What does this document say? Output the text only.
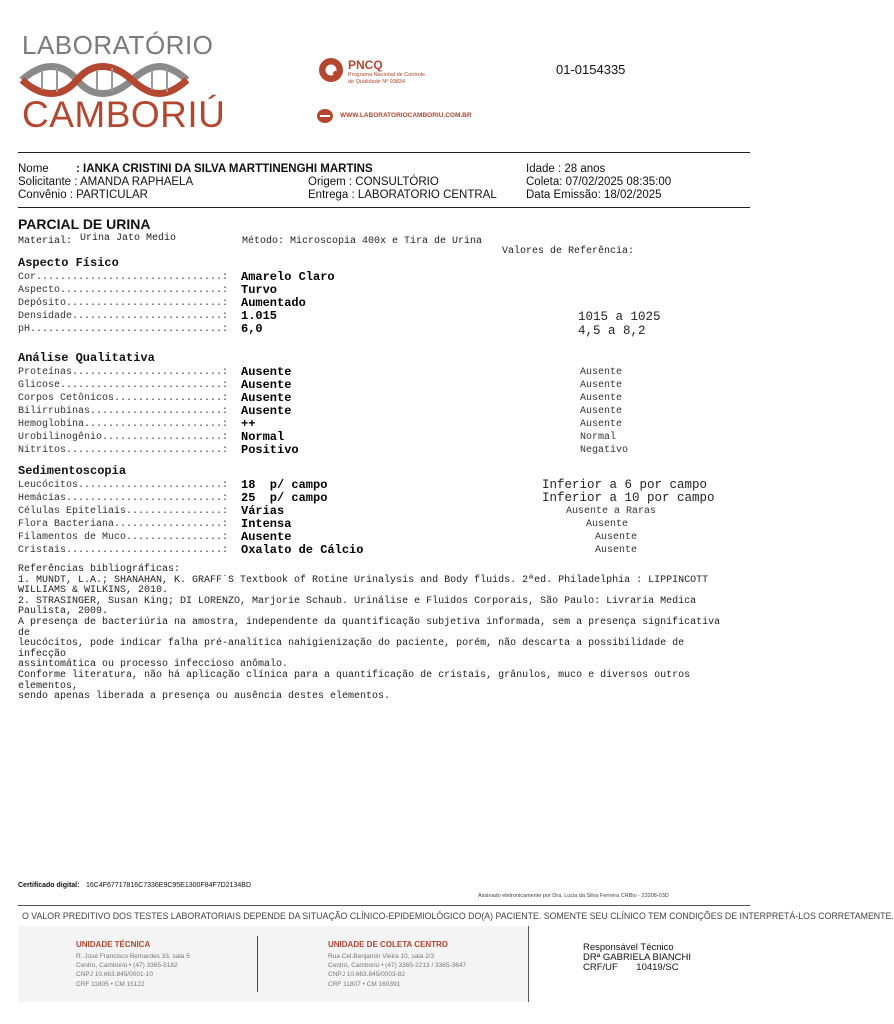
LABORATÓRIO
CAMBORIÚ
PNCQ
Programa Nacional de Controle de Qualidade Nº 03834
WWW.LABORATORIOCAMBORIU.COM.BR
01-0154335
Nome : IANKA CRISTINI DA SILVA MARTTINENGHI MARTINS	Idade : 28 anos
Solicitante : AMANDA RAPHAELA	Origem : CONSULTÓRIO	Coleta: 07/02/2025 08:35:00
Convênio : PARTICULAR	Entrega : LABORATORIO CENTRAL	Data Emissão: 18/02/2025
PARCIAL DE URINA
Material: Urina Jato Medio	Método: Microscopia 400x e Tira de Urina
Valores de Referência:
Aspecto Físico
Cor...............................: Amarelo Claro
Aspecto...........................: Turvo
Depósito..........................: Aumentado
Densidade.........................: 1.015	1015 a 1025
pH................................: 6,0	4,5 a 8,2
Análise Qualitativa
Proteínas.........................: Ausente	Ausente
Glicose...........................: Ausente	Ausente
Corpos Cetônicos..................: Ausente	Ausente
Bilirrubinas......................: Ausente	Ausente
Hemoglobina.......................: ++	Ausente
Urobilinogênio....................: Normal	Normal
Nitritos..........................: Positivo	Negativo
Sedimentoscopia
Leucócitos........................: 18  p/ campo	Inferior a 6 por campo
Hemácias..........................: 25  p/ campo	Inferior a 10 por campo
Células Epiteliais................: Várias	Ausente a Raras
Flora Bacteriana..................: Intensa	Ausente
Filamentos de Muco................: Ausente	Ausente
Cristais..........................: Oxalato de Cálcio	Ausente
Referências bibliográficas:
1. MUNDT, L.A.; SHANAHAN, K. GRAFF´S Textbook of Rotine Urinalysis and Body fluids. 2ªed. Philadelphia : LIPPINCOTT
WILLIAMS & WILKINS, 2010.
2. STRASINGER, Susan King; DI LORENZO, Marjorie Schaub. Urinálise e Fluidos Corporais, São Paulo: Livraria Medica
Paulista, 2009.
A presença de bacteriúria na amostra, independente da quantificação subjetiva informada, sem a presença significativa
de
leucócitos, pode indicar falha pré-analítica nahigienização do paciente, porém, não descarta a possibilidade de
infecção
assintomática ou processo infeccioso anômalo.
Conforme literatura, não há aplicação clínica para a quantificação de cristais, grânulos, muco e diversos outros
elementos,
sendo apenas liberada a presença ou ausência destes elementos.
Certificado digital: 16C4F67717816C7336E9C95E1300F84F7D2134BD
Assinado eletronicamente por Dra. Lucia da Silva Ferreira CRBio - 23208-03D
O VALOR PREDITIVO DOS TESTES LABORATORIAIS DEPENDE DA SITUAÇÃO CLÍNICO-EPIDEMIOLÓGICO DO(A) PACIENTE. SOMENTE SEU CLÍNICO TEM CONDIÇÕES DE INTERPRETÁ-LOS CORRETAMENTE.
UNIDADE TÉCNICA
R. José Francisco Bernardes 33, sala 5
Centro, Camboriú • (47) 3365-5182
CNPJ 10.663.845/0001-10
CRF 11805 • CM 15122
UNIDADE DE COLETA CENTRO
Rua Cel.Benjamin Vieira 10, sala 2/3
Centro, Camboriú • (47) 3365-2213 / 3365-3647
CNPJ 10.663.845/0003-82
CRF 11807 • CM 160391
Responsável Técnico
DRª GABRIELA BIANCHI
CRF/UF       10419/SC
